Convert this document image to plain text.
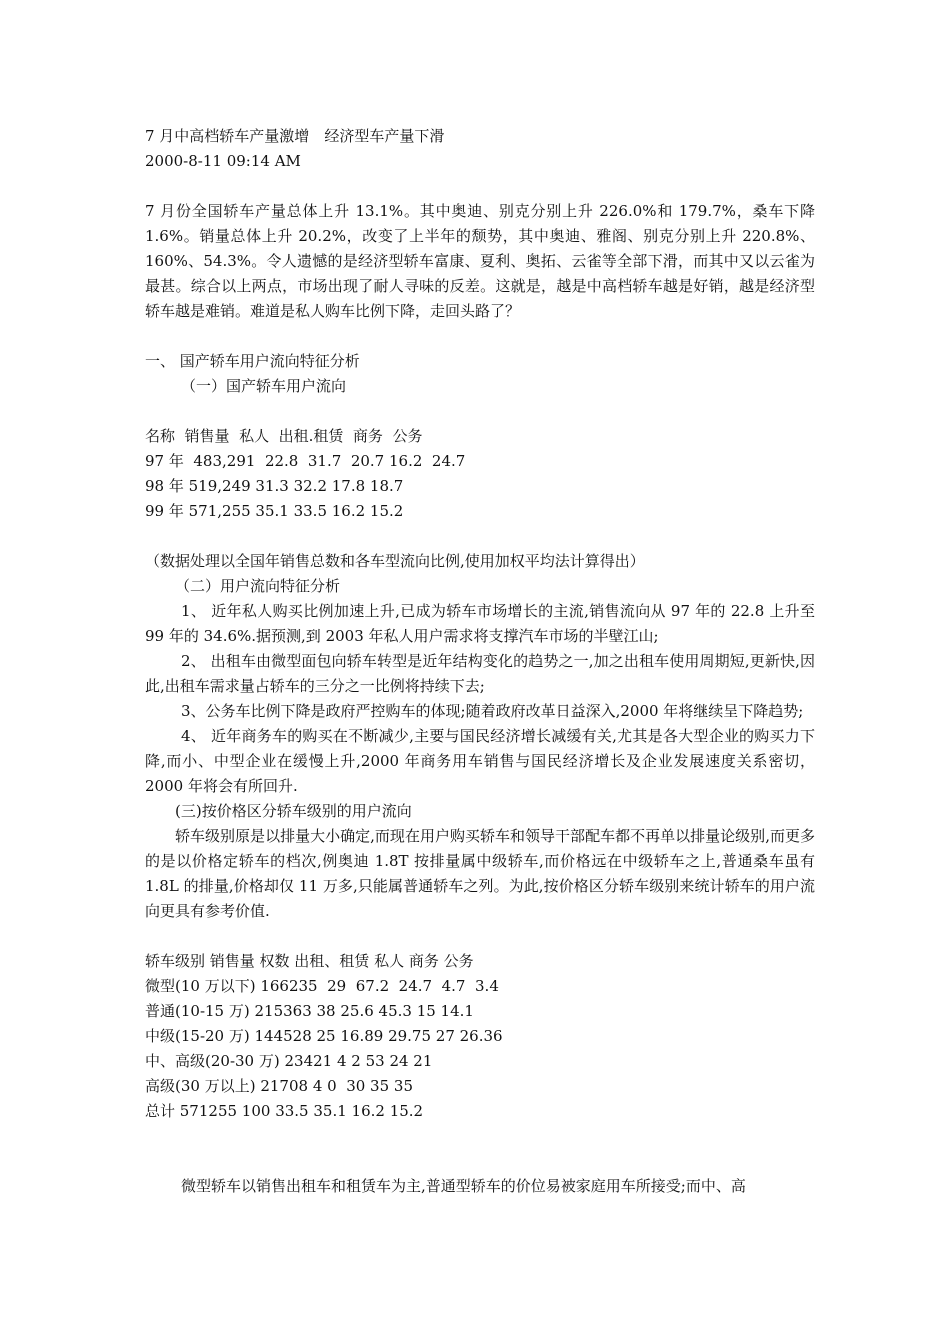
7 月中高档轿车产量激增　经济型车产量下滑
2000-8-11 09:14 AM
7 月份全国轿车产量总体上升 13.1%。其中奥迪、别克分别上升 226.0%和 179.7%，桑车下降 1.6%。销量总体上升 20.2%，改变了上半年的颓势，其中奥迪、雅阁、别克分别上升 220.8%、160%、54.3%。令人遗憾的是经济型轿车富康、夏利、奥拓、云雀等全部下滑，而其中又以云雀为最甚。综合以上两点，市场出现了耐人寻味的反差。这就是，越是中高档轿车越是好销，越是经济型轿车越是难销。难道是私人购车比例下降，走回头路了？
一、 国产轿车用户流向特征分析
（一）国产轿车用户流向
名称  销售量  私人  出租.租赁  商务  公务
97 年  483,291  22.8  31.7  20.7 16.2  24.7
98 年 519,249 31.3 32.2 17.8 18.7
99 年 571,255 35.1 33.5 16.2 15.2
（数据处理以全国年销售总数和各车型流向比例,使用加权平均法计算得出）
（二）用户流向特征分析
1、 近年私人购买比例加速上升,已成为轿车市场增长的主流,销售流向从 97 年的 22.8 上升至 99 年的 34.6%.据预测,到 2003 年私人用户需求将支撑汽车市场的半壁江山;
2、 出租车由微型面包向轿车转型是近年结构变化的趋势之一,加之出租车使用周期短,更新快,因此,出租车需求量占轿车的三分之一比例将持续下去;
3、公务车比例下降是政府严控购车的体现;随着政府改革日益深入,2000 年将继续呈下降趋势;
4、 近年商务车的购买在不断减少,主要与国民经济增长减缓有关,尤其是各大型企业的购买力下降,而小、中型企业在缓慢上升,2000 年商务用车销售与国民经济增长及企业发展速度关系密切，2000 年将会有所回升.
(三)按价格区分轿车级别的用户流向
轿车级别原是以排量大小确定,而现在用户购买轿车和领导干部配车都不再单以排量论级别,而更多的是以价格定轿车的档次,例奥迪 1.8T 按排量属中级轿车,而价格远在中级轿车之上,普通桑车虽有 1.8L 的排量,价格却仅 11 万多,只能属普通轿车之列。为此,按价格区分轿车级别来统计轿车的用户流向更具有参考价值.
轿车级别 销售量 权数 出租、租赁 私人 商务 公务
微型(10 万以下) 166235  29  67.2  24.7  4.7  3.4
普通(10-15 万) 215363 38 25.6 45.3 15 14.1
中级(15-20 万) 144528 25 16.89 29.75 27 26.36
中、高级(20-30 万) 23421 4 2 53 24 21
高级(30 万以上) 21708 4 0  30 35 35
总计 571255 100 33.5 35.1 16.2 15.2
微型轿车以销售出租车和租赁车为主,普通型轿车的价位易被家庭用车所接受;而中、高
